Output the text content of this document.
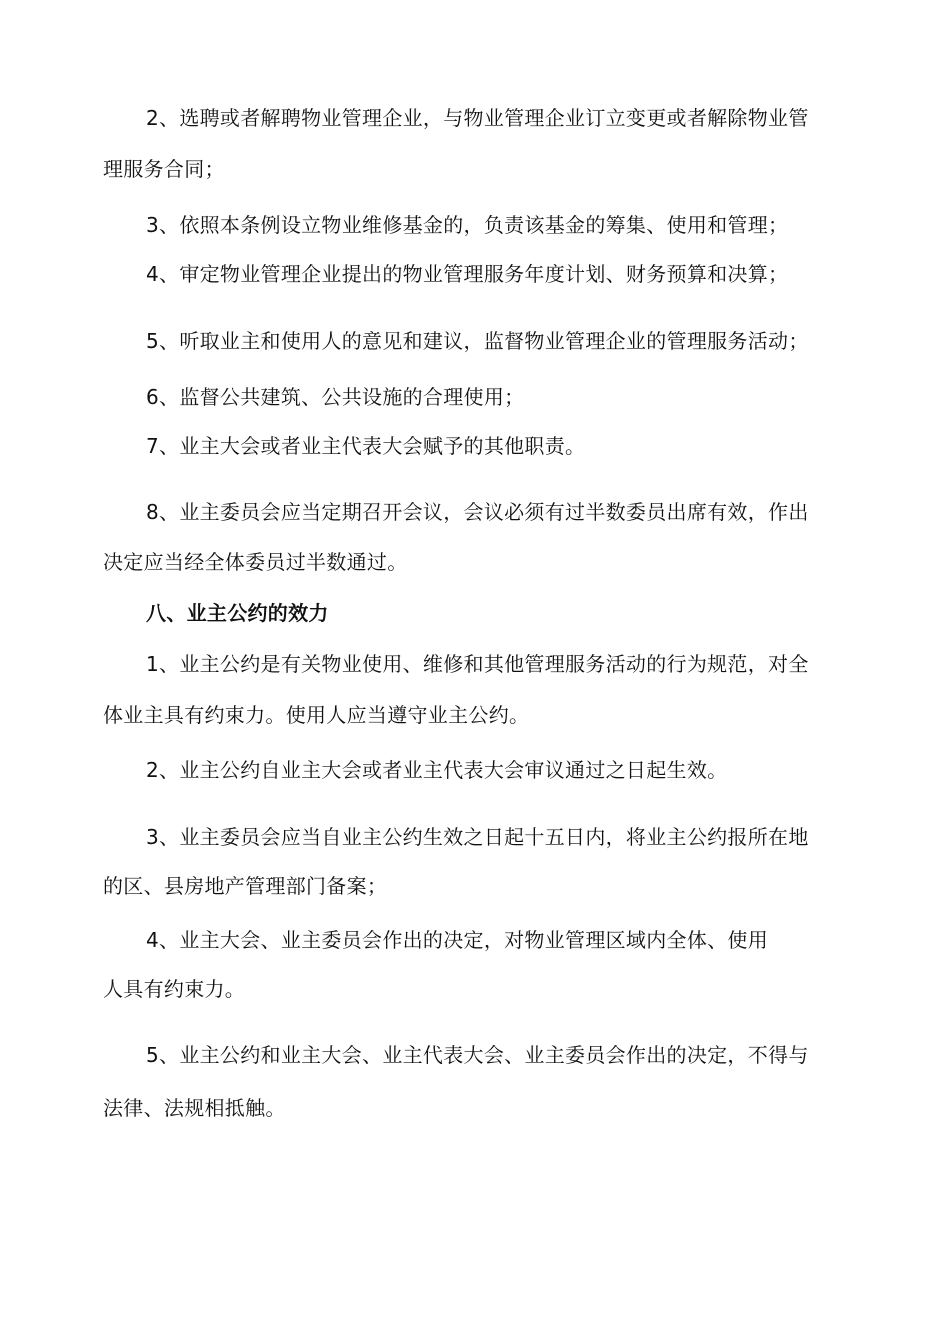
2、选聘或者解聘物业管理企业，与物业管理企业订立变更或者解除物业管
理服务合同；
3、依照本条例设立物业维修基金的，负责该基金的筹集、使用和管理；
4、审定物业管理企业提出的物业管理服务年度计划、财务预算和决算；
5、听取业主和使用人的意见和建议，监督物业管理企业的管理服务活动；
6、监督公共建筑、公共设施的合理使用；
7、业主大会或者业主代表大会赋予的其他职责。
8、业主委员会应当定期召开会议，会议必须有过半数委员出席有效，作出
决定应当经全体委员过半数通过。
八、业主公约的效力
1、业主公约是有关物业使用、维修和其他管理服务活动的行为规范，对全
体业主具有约束力。使用人应当遵守业主公约。
2、业主公约自业主大会或者业主代表大会审议通过之日起生效。
3、业主委员会应当自业主公约生效之日起十五日内，将业主公约报所在地
的区、县房地产管理部门备案；
4、业主大会、业主委员会作出的决定，对物业管理区域内全体、使用
人具有约束力。
5、业主公约和业主大会、业主代表大会、业主委员会作出的决定，不得与
法律、法规相抵触。
